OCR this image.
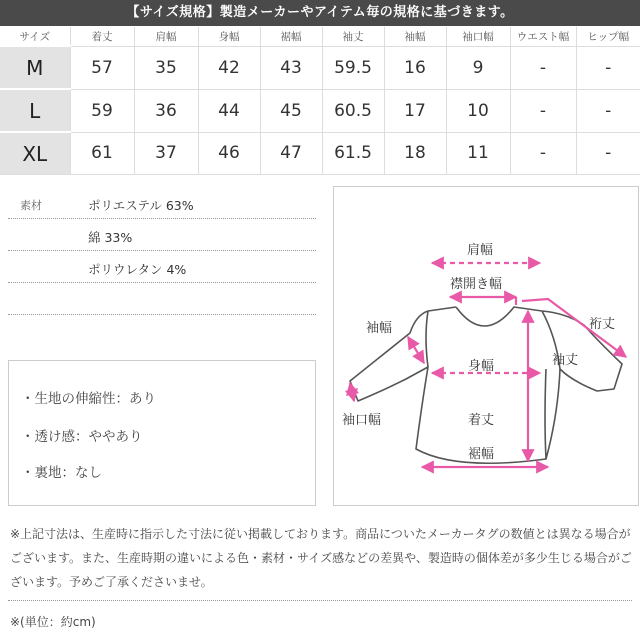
【サイズ規格】製造メーカーやアイテム毎の規格に基づきます。
サイズ	着丈	肩幅	身幅	裾幅	袖丈	袖幅	袖口幅	ウエスト幅	ヒップ幅
M	57	35	42	43	59.5	16	9	-	-
L	59	36	44	45	60.5	17	10	-	-
XL	61	37	46	47	61.5	18	11	-	-
素材	ポリエステル 63%
綿 33%
ポリウレタン 4%
・生地の伸縮性：あり
・透け感：ややあり
・裏地：なし
肩幅
襟開き幅
裄丈
袖幅
袖丈
身幅
着丈
袖口幅
裾幅
※上記寸法は、生産時に指示した寸法に従い掲載しております。商品についたメーカータグの数値とは異なる場合がございます。また、生産時期の違いによる色・素材・サイズ感などの差異や、製造時の個体差が多少生じる場合がございます。予めご了承くださいませ。
※(単位：約cm)
